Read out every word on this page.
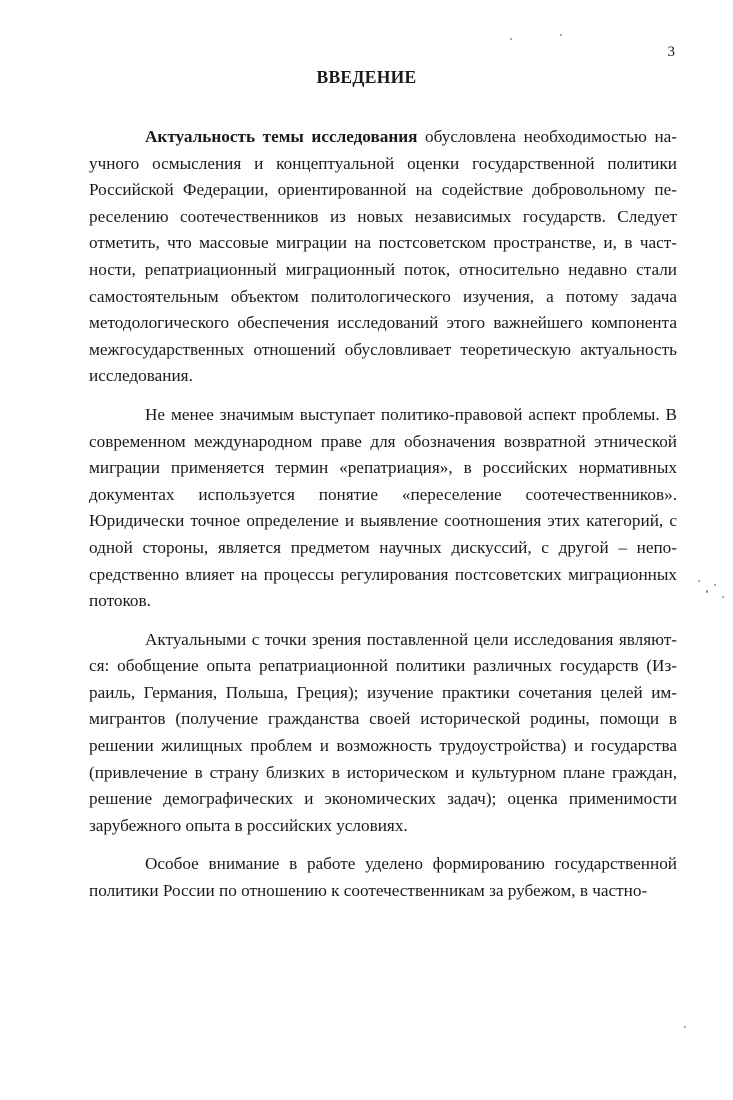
3
ВВЕДЕНИЕ

Актуальность темы исследования обусловлена необходимостью научного осмысления и концептуальной оценки государственной политики Российской Федерации, ориентированной на содействие добровольному переселению соотечественников из новых независимых государств. Следует отметить, что массовые миграции на постсоветском пространстве, и, в частности, репатриационный миграционный поток, относительно недавно стали самостоятельным объектом политологического изучения, а потому задача методологического обеспечения исследований этого важнейшего компонента межгосударственных отношений обусловливает теоретическую актуальность исследования.

Не менее значимым выступает политико-правовой аспект проблемы. В современном международном праве для обозначения возвратной этнической миграции применяется термин «репатриация», в российских нормативных документах используется понятие «переселение соотечественников». Юридически точное определение и выявление соотношения этих категорий, с одной стороны, является предметом научных дискуссий, с другой – непосредственно влияет на процессы регулирования постсоветских миграционных потоков.

Актуальными с точки зрения поставленной цели исследования являются: обобщение опыта репатриационной политики различных государств (Израиль, Германия, Польша, Греция); изучение практики сочетания целей иммигрантов (получение гражданства своей исторической родины, помощи в решении жилищных проблем и возможность трудоустройства) и государства (привлечение в страну близких в историческом и культурном плане граждан, решение демографических и экономических задач); оценка применимости зарубежного опыта в российских условиях.

Особое внимание в работе уделено формированию государственной политики России по отношению к соотечественникам за рубежом, в частно-
